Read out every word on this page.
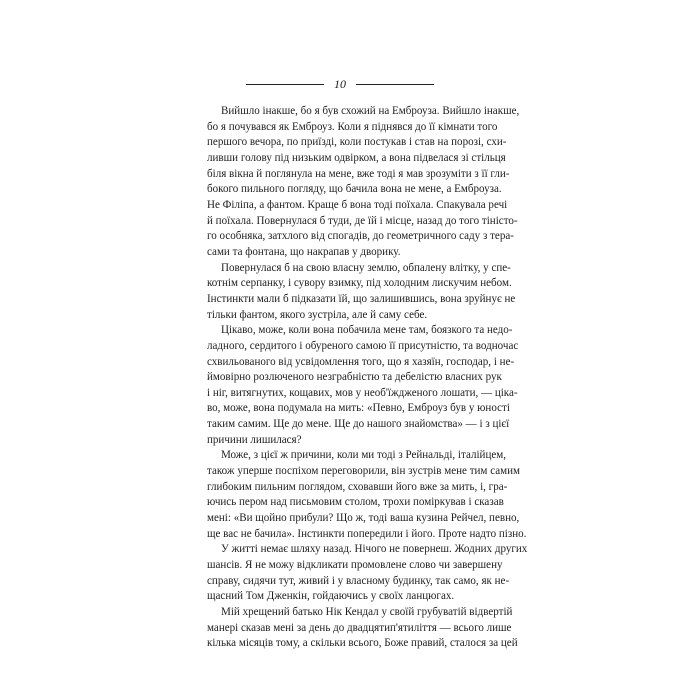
10

Вийшло інакше, бо я був схожий на Емброуза. Вийшло інакше,
бо я почувався як Емброуз. Коли я піднявся до її кімнати того
першого вечора, по приїзді, коли постукав і став на порозі, схи-
ливши голову під низьким одвірком, а вона підвелася зі стільця
біля вікна й поглянула на мене, вже тоді я мав зрозуміти з її гли-
бокого пильного погляду, що бачила вона не мене, а Емброуза.
Не Філіпа, а фантом. Краще б вона тоді поїхала. Спакувала речі
й поїхала. Повернулася б туди, де їй і місце, назад до того тіністо-
го особняка, затхлого від спогадів, до геометричного саду з тера-
сами та фонтана, що накрапав у дворику.

Повернулася б на свою власну землю, обпалену влітку, у спе-
котнім серпанку, і сувору взимку, під холодним лискучим небом.
Інстинкти мали б підказати їй, що залишившись, вона зруйнує не
тільки фантом, якого зустріла, але й саму себе.

Цікаво, може, коли вона побачила мене там, боязкого та недо-
ладного, сердитого і обуреного самою її присутністю, та водночас
схвильованого від усвідомлення того, що я хазяїн, господар, і не-
ймовірно розлюченого незграбністю та дебелістю власних рук
і ніг, витягнутих, кощавих, мов у необ'їждженого лошати, — ціка-
во, може, вона подумала на мить: «Певно, Емброуз був у юності
таким самим. Ще до мене. Ще до нашого знайомства» — і з цієї
причини лишилася?

Може, з цієї ж причини, коли ми тоді з Рейнальді, італійцем,
також уперше поспіхом переговорили, він зустрів мене тим самим
глибоким пильним поглядом, сховавши його вже за мить, і, гра-
ючись пером над письмовим столом, трохи поміркував і сказав
мені: «Ви щойно прибули? Що ж, тоді ваша кузина Рейчел, певно,
ще вас не бачила». Інстинкти попередили і його. Проте надто пізно.

У житті немає шляху назад. Нічого не повернеш. Жодних других
шансів. Я не можу відкликати промовлене слово чи завершену
справу, сидячи тут, живий і у власному будинку, так само, як не-
щасний Том Дженкін, гойдаючись у своїх ланцюгах.

Мій хрещений батько Нік Кендал у своїй грубуватій відвертій
манері сказав мені за день до двадцятип'ятиліття — всього лише
кілька місяців тому, а скільки всього, Боже правий, сталося за цей
